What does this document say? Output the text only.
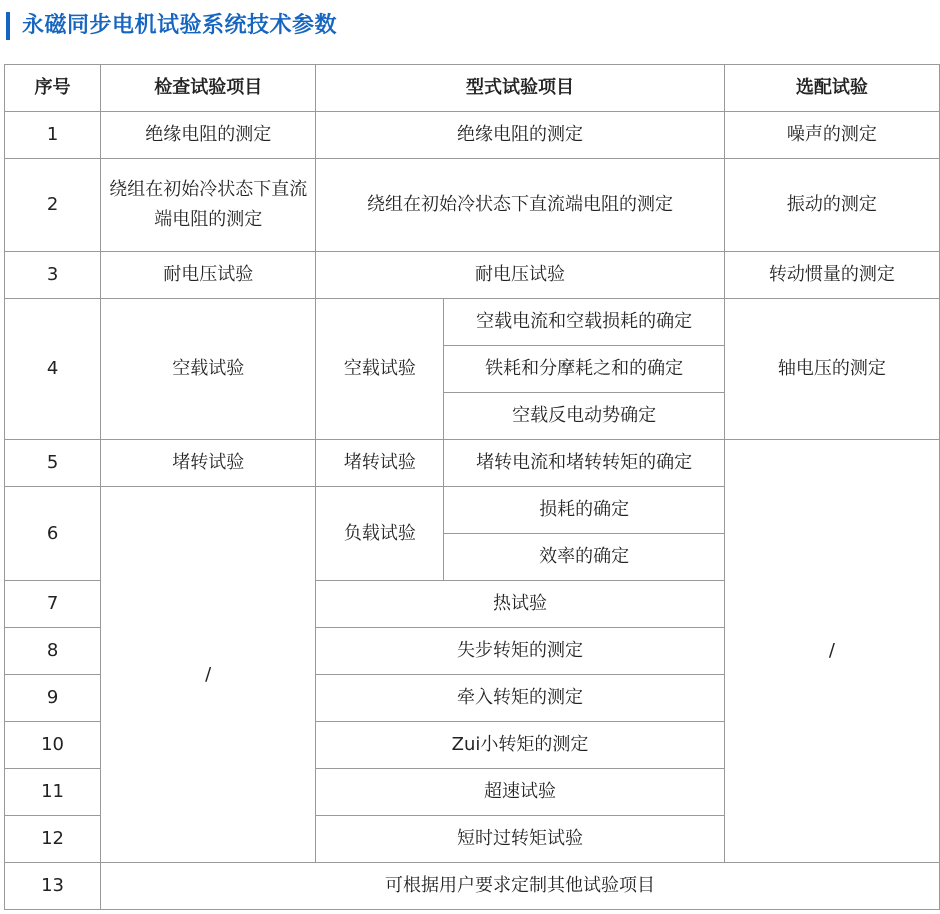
永磁同步电机试验系统技术参数
序号	检查试验项目	型式试验项目		选配试验
1	绝缘电阻的测定	绝缘电阻的测定		噪声的测定
2	绕组在初始冷状态下直流端电阻的测定	绕组在初始冷状态下直流端电阻的测定		振动的测定
3	耐电压试验	耐电压试验		转动惯量的测定
4	空载试验	空载试验	空载电流和空载损耗的确定	轴电压的测定
			铁耗和分摩耗之和的确定	
			空载反电动势确定	
5	堵转试验	堵转试验	堵转电流和堵转转矩的确定	/
6	/	负载试验	损耗的确定	
			效率的确定	
7		热试验		
8		失步转矩的测定		
9		牵入转矩的测定		
10		Zui小转矩的测定		
11		超速试验		
12		短时过转矩试验		
13	可根据用户要求定制其他试验项目			
